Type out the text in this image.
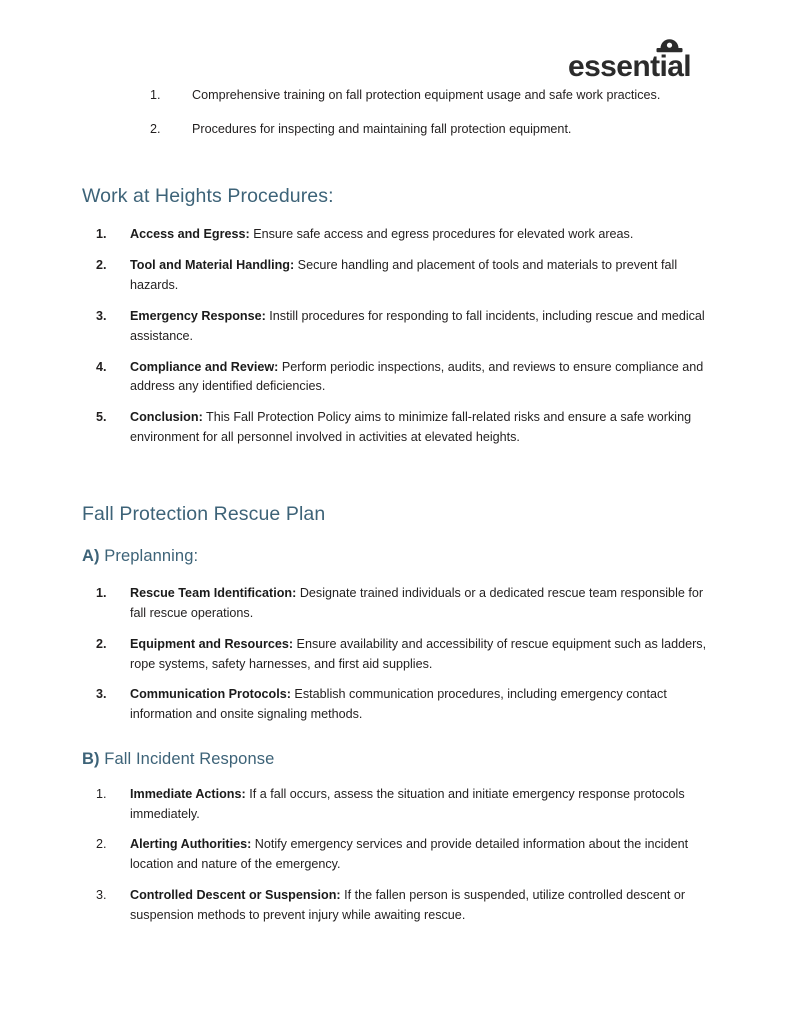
essential
1.	Comprehensive training on fall protection equipment usage and safe work practices.
2.	Procedures for inspecting and maintaining fall protection equipment.
Work at Heights Procedures:
1.	Access and Egress: Ensure safe access and egress procedures for elevated work areas.
2.	Tool and Material Handling: Secure handling and placement of tools and materials to prevent fall hazards.
3.	Emergency Response: Instill procedures for responding to fall incidents, including rescue and medical assistance.
4.	Compliance and Review: Perform periodic inspections, audits, and reviews to ensure compliance and address any identified deficiencies.
5.	Conclusion: This Fall Protection Policy aims to minimize fall-related risks and ensure a safe working environment for all personnel involved in activities at elevated heights.
Fall Protection Rescue Plan
A) Preplanning:
1.	Rescue Team Identification: Designate trained individuals or a dedicated rescue team responsible for fall rescue operations.
2.	Equipment and Resources: Ensure availability and accessibility of rescue equipment such as ladders, rope systems, safety harnesses, and first aid supplies.
3.	Communication Protocols: Establish communication procedures, including emergency contact information and onsite signaling methods.
B) Fall Incident Response
1.	Immediate Actions: If a fall occurs, assess the situation and initiate emergency response protocols immediately.
2.	Alerting Authorities: Notify emergency services and provide detailed information about the incident location and nature of the emergency.
3.	Controlled Descent or Suspension: If the fallen person is suspended, utilize controlled descent or suspension methods to prevent injury while awaiting rescue.
